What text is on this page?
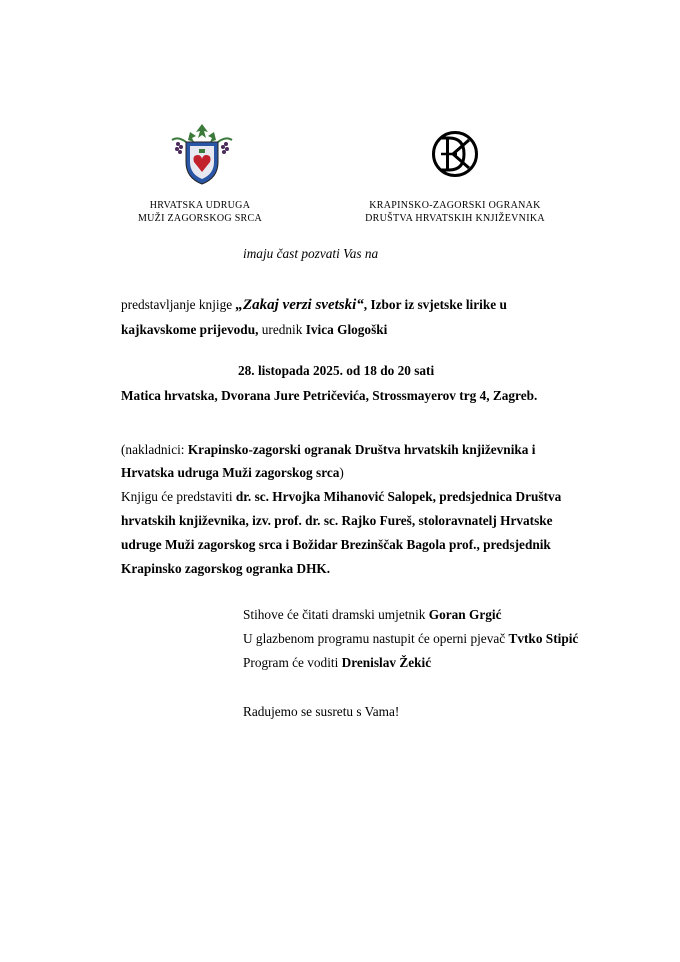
HRVATSKA UDRUGA
MUŽI ZAGORSKOG SRCA
KRAPINSKO-ZAGORSKI OGRANAK
DRUŠTVA HRVATSKIH KNJIŽEVNIKA
imaju čast pozvati Vas na
predstavljanje knjige „Zakaj verzi svetski“, Izbor iz svjetske lirike u
kajkavskome prijevodu, urednik Ivica Glogoški
28. listopada 2025. od 18 do 20 sati
Matica hrvatska, Dvorana Jure Petričevića, Strossmayerov trg 4, Zagreb.
(nakladnici: Krapinsko-zagorski ogranak Društva hrvatskih književnika i
Hrvatska udruga Muži zagorskog srca)
Knjigu će predstaviti dr. sc. Hrvojka Mihanović Salopek, predsjednica Društva
hrvatskih književnika, izv. prof. dr. sc. Rajko Fureš, stoloravnatelj Hrvatske
udruge Muži zagorskog srca i Božidar Brezinščak Bagola prof., predsjednik
Krapinsko zagorskog ogranka DHK.
Stihove će čitati dramski umjetnik Goran Grgić
U glazbenom programu nastupit će operni pjevač Tvtko Stipić
Program će voditi Drenislav Žekić
Radujemo se susretu s Vama!
